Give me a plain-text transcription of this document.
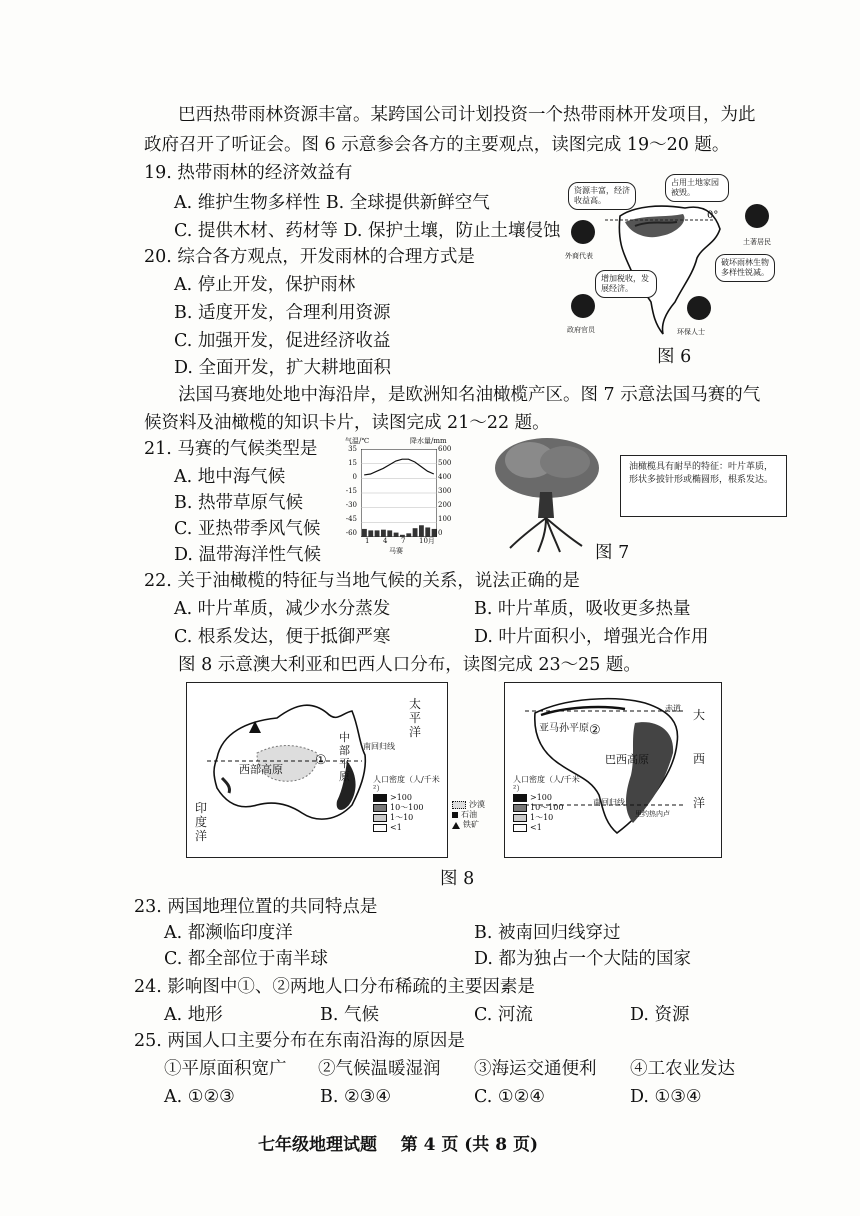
巴西热带雨林资源丰富。某跨国公司计划投资一个热带雨林开发项目，为此
政府召开了听证会。图 6 示意参会各方的主要观点，读图完成 19～20 题。
19. 热带雨林的经济效益有
A. 维护生物多样性 B. 全球提供新鲜空气
C. 提供木材、药材等 D. 保护土壤，防止土壤侵蚀
20. 综合各方观点，开发雨林的合理方式是
A. 停止开发，保护雨林
B. 适度开发，合理利用资源
C. 加强开发，促进经济收益
D. 全面开发，扩大耕地面积
0°
资源丰富，经济收益高。
占用土地家园被毁。
增加税收，发展经济。
破坏雨林生物多样性锐减。
外商代表
土著居民
政府官员	环保人士
图 6
法国马赛地处地中海沿岸，是欧洲知名油橄榄产区。图 7 示意法国马赛的气
候资料及油橄榄的知识卡片，读图完成 21～22 题。
21. 马赛的气候类型是
A. 地中海气候
B. 热带草原气候
C. 亚热带季风气候
D. 温带海洋性气候
气温/℃	降水量/mm
35
15
0
-15
-30
-45
-60
600
500
400
300
200
100
0
1 4 7 10月
马赛
油橄榄具有耐旱的特征：叶片革质，形状多披针形或椭圆形，根系发达。
图 7
22. 关于油橄榄的特征与当地气候的关系，说法正确的是
A. 叶片革质，减少水分蒸发	B. 叶片革质，吸收更多热量
C. 根系发达，便于抵御严寒	D. 叶片面积小，增强光合作用
图 8 示意澳大利亚和巴西人口分布，读图完成 23～25 题。
太平洋
印度洋
西部高原
中部平原
南回归线
①
人口密度（人/千米²）
>100
10～100
1～10
<1
沙漠
石油
铁矿
大西洋
亚马孙平原
巴西高原
赤道
南回归线
里约热内卢
②
人口密度（人/千米²）
>100
10～100
1～10
<1
图 8
23. 两国地理位置的共同特点是
A. 都濒临印度洋	B. 被南回归线穿过
C. 都全部位于南半球	D. 都为独占一个大陆的国家
24. 影响图中①、②两地人口分布稀疏的主要因素是
A. 地形	B. 气候	C. 河流	D. 资源
25. 两国人口主要分布在东南沿海的原因是
①平原面积宽广 ②气候温暖湿润 ③海运交通便利 ④工农业发达
A. ①②③	B. ②③④	C. ①②④	D. ①③④
七年级地理试题    第 4 页 (共 8 页)
